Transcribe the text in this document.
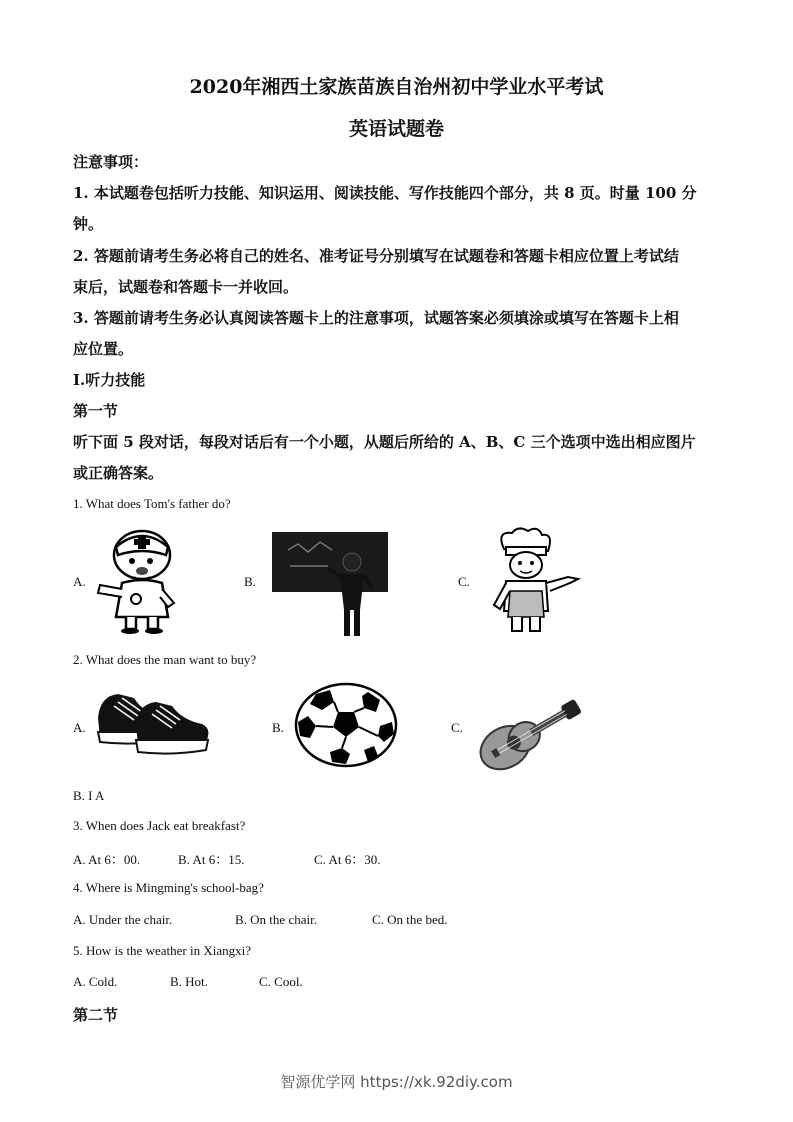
2020年湘西土家族苗族自治州初中学业水平考试
英语试题卷
注意事项：
1. 本试题卷包括听力技能、知识运用、阅读技能、写作技能四个部分，共 8 页。时量 100 分
钟。
2. 答题前请考生务必将自己的姓名、准考证号分别填写在试题卷和答题卡相应位置上考试结
束后，试题卷和答题卡一并收回。
3. 答题前请考生务必认真阅读答题卡上的注意事项，试题答案必须填涂或填写在答题卡上相
应位置。
I.听力技能
第一节
听下面 5 段对话，每段对话后有一个小题，从题后所给的 A、B、C 三个选项中选出相应图片
或正确答案。
1. What does Tom's father do?
A.	B.	C.
2. What does the man want to buy?
A.	B.	C.
B. I A
3. When does Jack eat breakfast?
A. At 6：00.	B. At 6：15.	C. At 6：30.
4. Where is Mingming's school-bag?
A. Under the chair.	B. On the chair.	C. On the bed.
5. How is the weather in Xiangxi?
A. Cold.	B. Hot.	C. Cool.
第二节
智源优学网 https://xk.92diy.com
